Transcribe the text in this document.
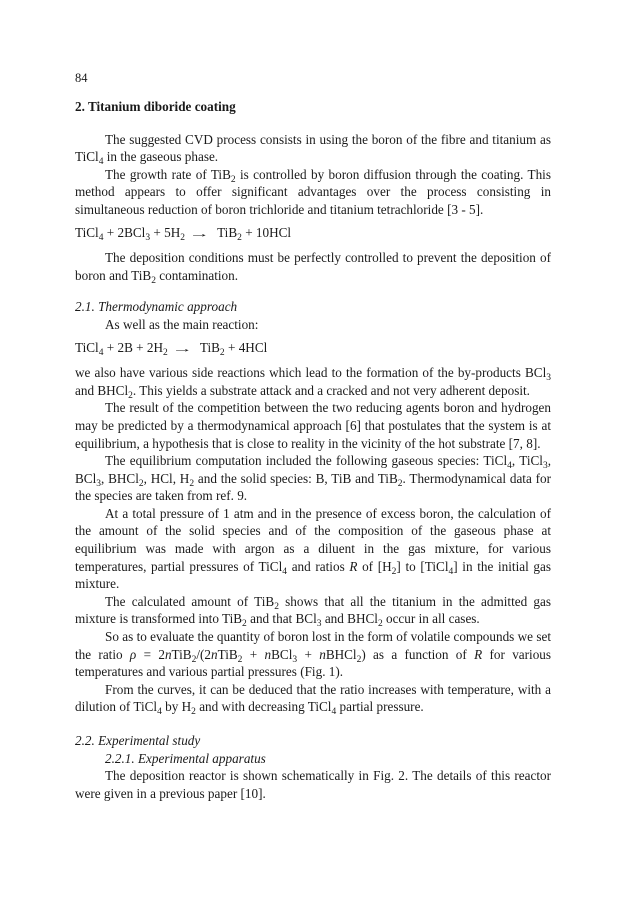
84
2. Titanium diboride coating

The suggested CVD process consists in using the boron of the fibre and titanium as TiCl$_4$ in the gaseous phase.

The growth rate of TiB$_2$ is controlled by boron diffusion through the coating. This method appears to offer significant advantages over the process consisting in simultaneous reduction of boron trichloride and titanium tetrachloride [3 - 5].

TiCl$_4$ + $2BCl_3 + 5H_2 \to TiB_2 + 10HCl$

The deposition conditions must be perfectly controlled to prevent the deposition of boron and TiB$_2$ contamination.

2.1. Thermodynamic approach

As well as the main reaction:

TiCl$_4$ + $2B + 2H_2 \to TiB_2 + 4HCl$

we also have various side reactions which lead to the formation of the by-products BCl$_3$ and BHCl$_2$. This yields a substrate attack and a cracked and not very adherent deposit.

The result of the competition between the two reducing agents boron and hydrogen may be predicted by a thermodynamical approach [6] that postulates that the system is at equilibrium, a hypothesis that is close to reality in the vicinity of the hot substrate [7, 8].

The equilibrium computation included the following gaseous species: TiCl$_4$, TiCl$_3$, BCl$_3$, BHCl$_2$, HCl, $H_2$ and the solid species: B, TiB and TiB$_2$. Thermodynamical data for the species are taken from ref. 9.

At a total pressure of 1 atm and in the presence of excess boron, the calculation of the amount of the solid species and of the composition of the gaseous phase at equilibrium was made with argon as a diluent in the gas mixture, for various temperatures, partial pressures of TiCl$_4$ and ratios R of $[H_2]$ to [TiCl$_4$] in the initial gas mixture.

The calculated amount of TiB$_2$ shows that all the titanium in the admitted gas mixture is transformed into TiB$_2$ and that BCl$_3$ and BHCl$_2$ occur in all cases.

So as to evaluate the quantity of boron lost in the form of volatile compounds we set the ratio ρ = 2nTiB$_2$/(2nTiB$_2$ + nBCl$_3$ + nBHCl$_2$) as a function of R for various temperatures and various partial pressures (Fig. 1).

From the curves, it can be deduced that the ratio increases with temperature, with a dilution of TiCl$_4$ by $H_2$ and with decreasing TiCl$_4$ partial pressure.

2.2. Experimental study
2.2.1. Experimental apparatus

The deposition reactor is shown schematically in Fig. 2. The details of this reactor were given in a previous paper [10].
